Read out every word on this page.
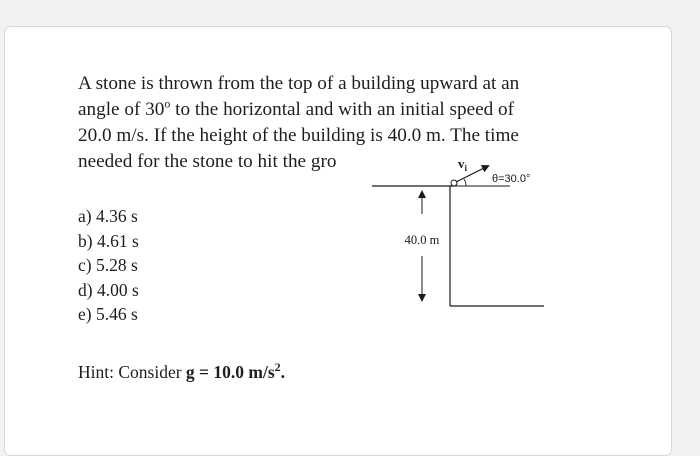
A stone is thrown from the top of a building upward at an
angle of 30$^o$ to the horizontal and with an initial speed of
20.0 m/s. If the height of the building is 40.0 m. The time
needed for the stone to hit the gro
a) 4.36 s
b) 4.61 s
c) 5.28 s
d) 4.00 s
e) 5.46 s
Hint: Consider g = 10.0 $m/s^2$.
$v_i$
θ=30.0°
40.0 m
